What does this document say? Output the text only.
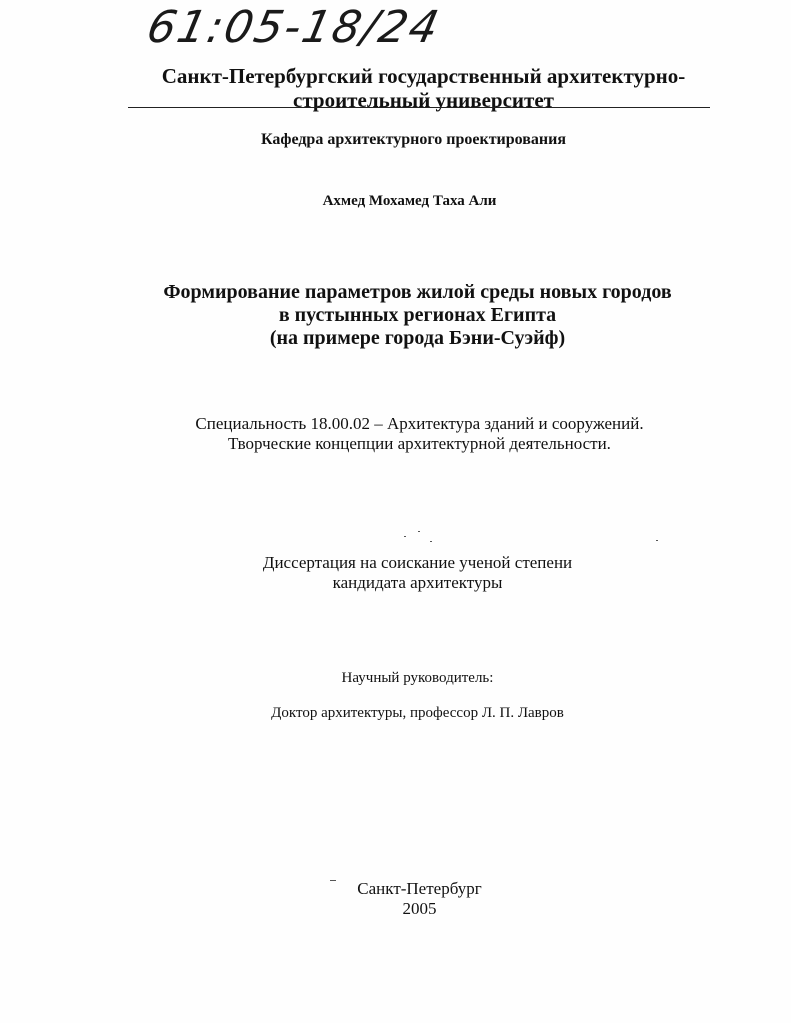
61:05-18/24
Санкт-Петербургский государственный архитектурно-
строительный университет
Кафедра архитектурного проектирования
Ахмед Мохамед Таха Али
Формирование параметров жилой среды новых городов
в пустынных регионах Египта
(на примере города Бэни-Суэйф)
Специальность 18.00.02 – Архитектура зданий и сооружений.
Творческие концепции архитектурной деятельности.
Диссертация на соискание ученой степени
кандидата архитектуры
Научный руководитель:
Доктор архитектуры, профессор Л. П. Лавров
Санкт-Петербург
2005
